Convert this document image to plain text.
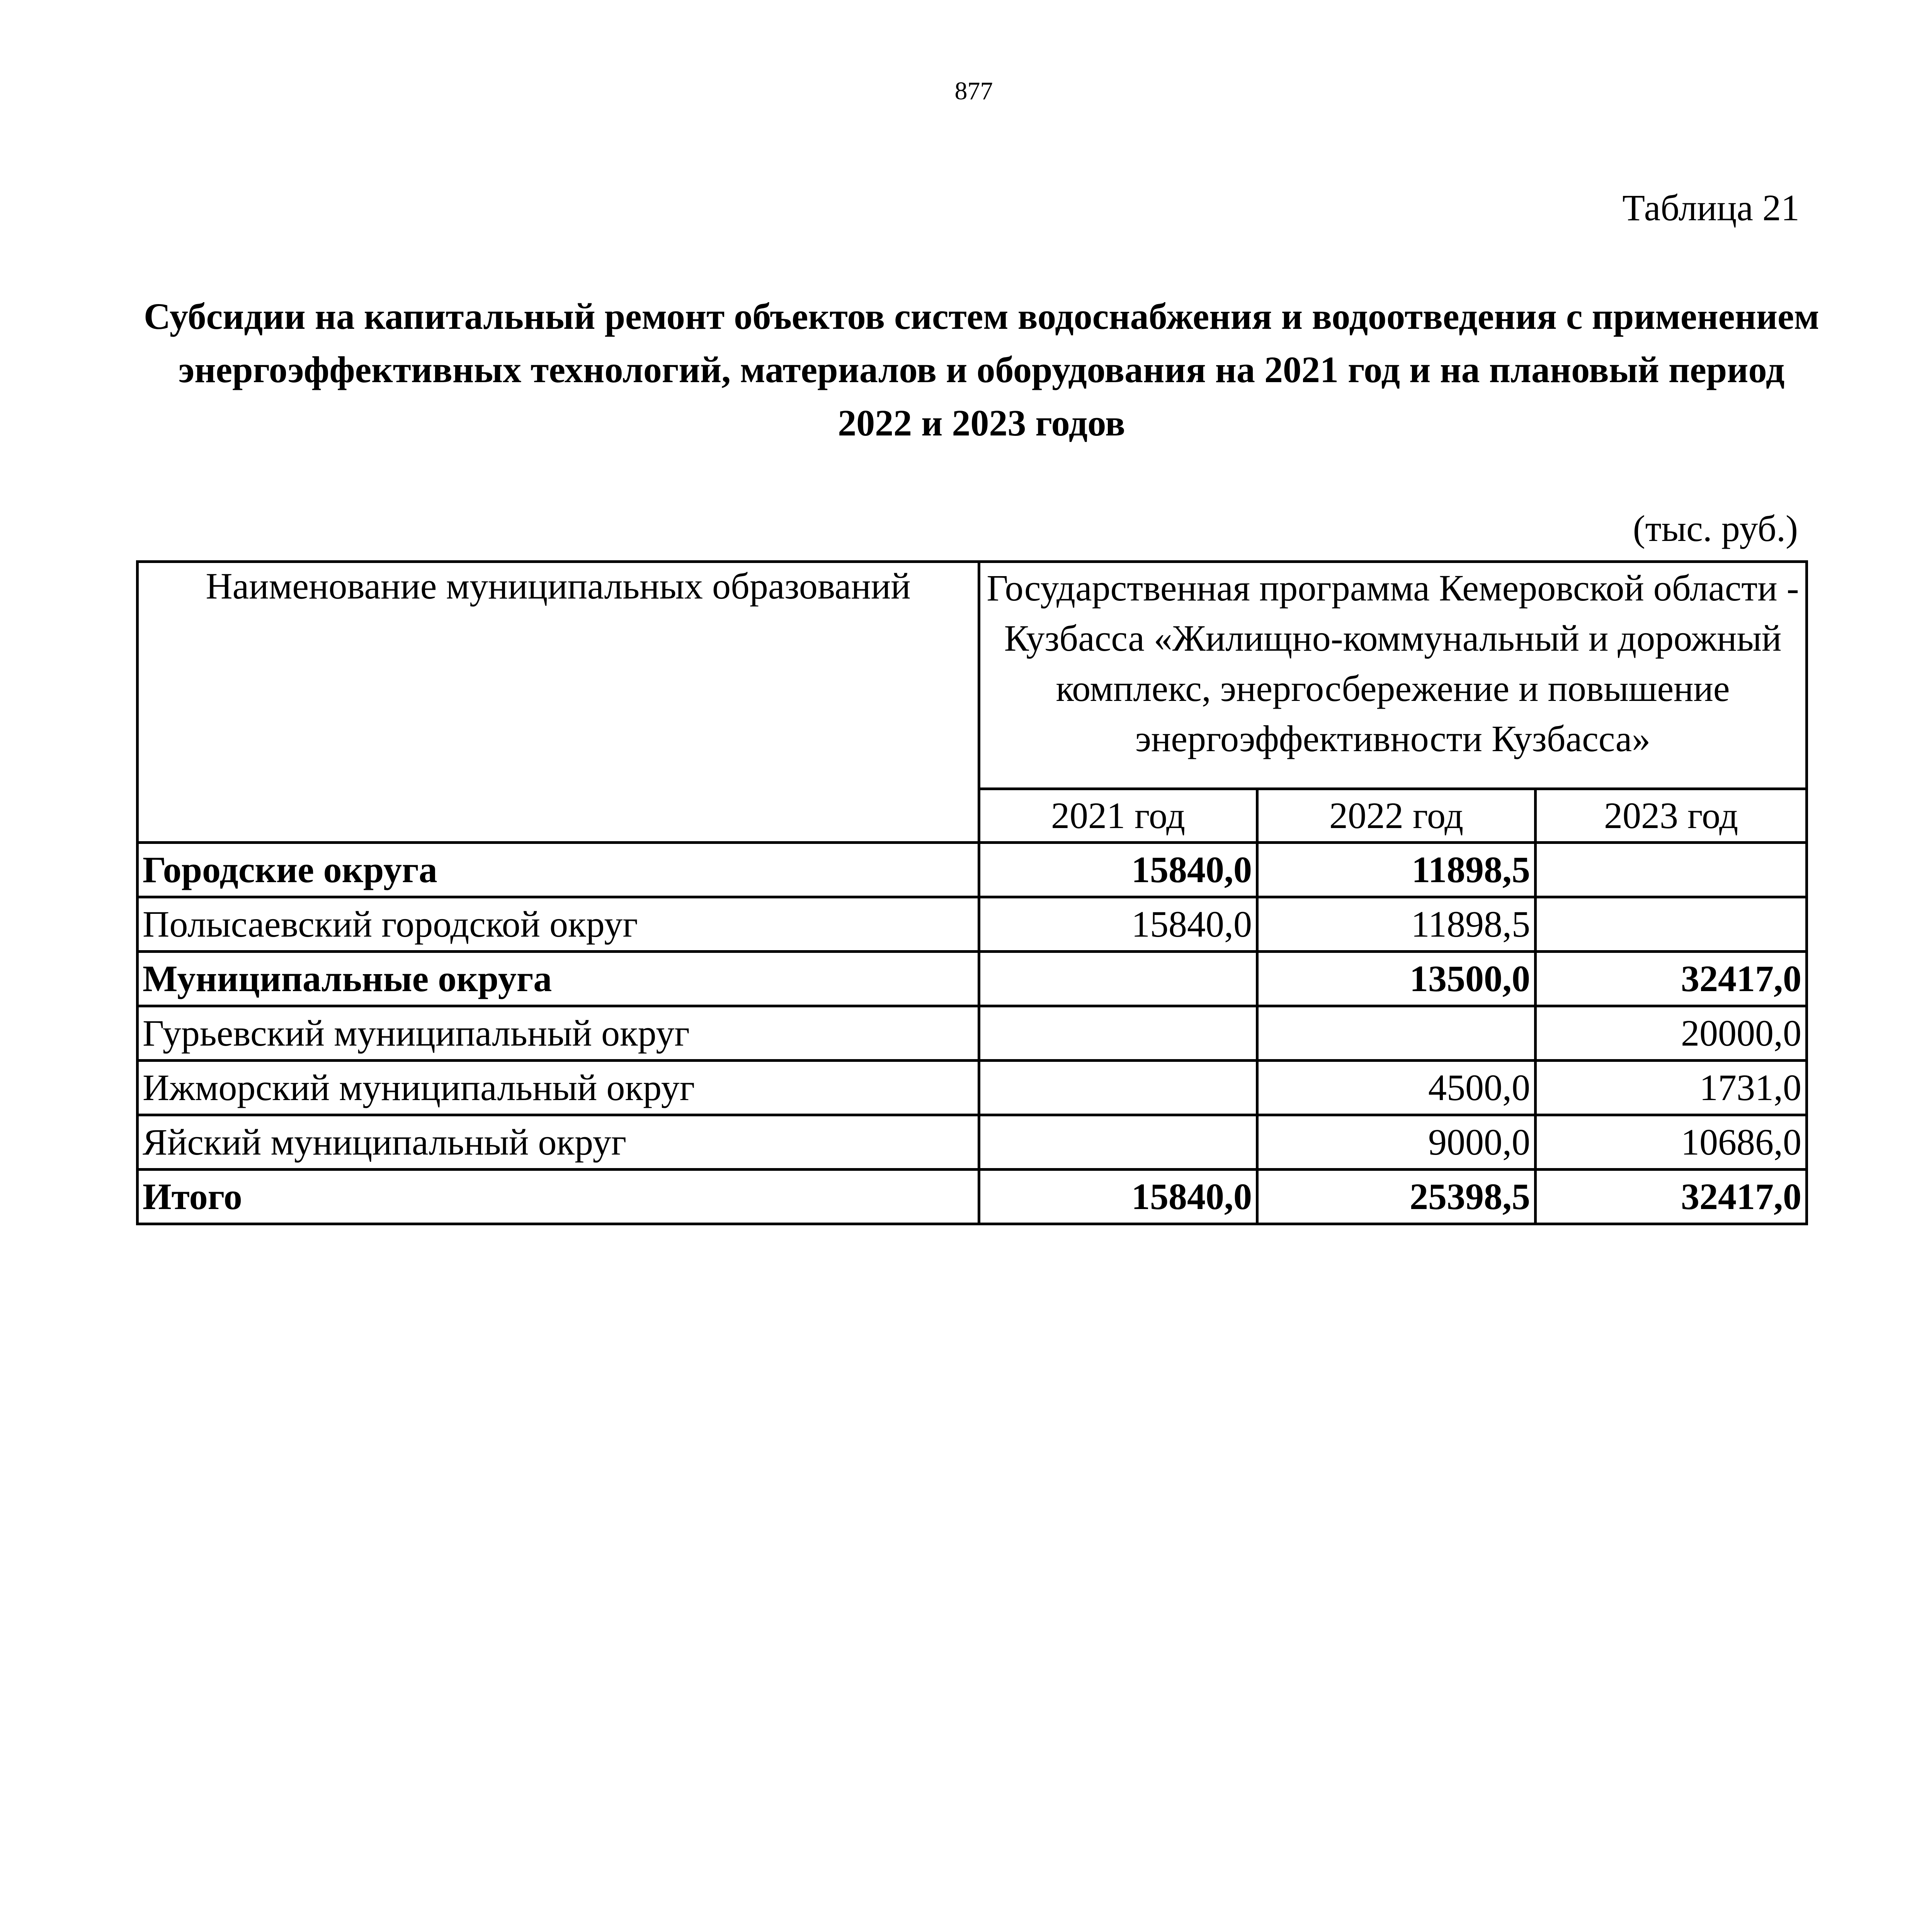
877
Таблица 21
Субсидии на капитальный ремонт объектов систем водоснабжения и водоотведения с применением энергоэффективных технологий, материалов и оборудования на 2021 год и на плановый период 2022 и 2023 годов
(тыс. руб.)
Наименование муниципальных образований	Государственная программа Кемеровской области - Кузбасса «Жилищно-коммунальный и дорожный комплекс, энергосбережение и повышение энергоэффективности Кузбасса»		
	2021 год	2022 год	2023 год
Городские округа	15840,0	11898,5	
Полысаевский городской округ	15840,0	11898,5	
Муниципальные округа		13500,0	32417,0
Гурьевский муниципальный округ			20000,0
Ижморский муниципальный округ		4500,0	1731,0
Яйский муниципальный округ		9000,0	10686,0
Итого	15840,0	25398,5	32417,0
